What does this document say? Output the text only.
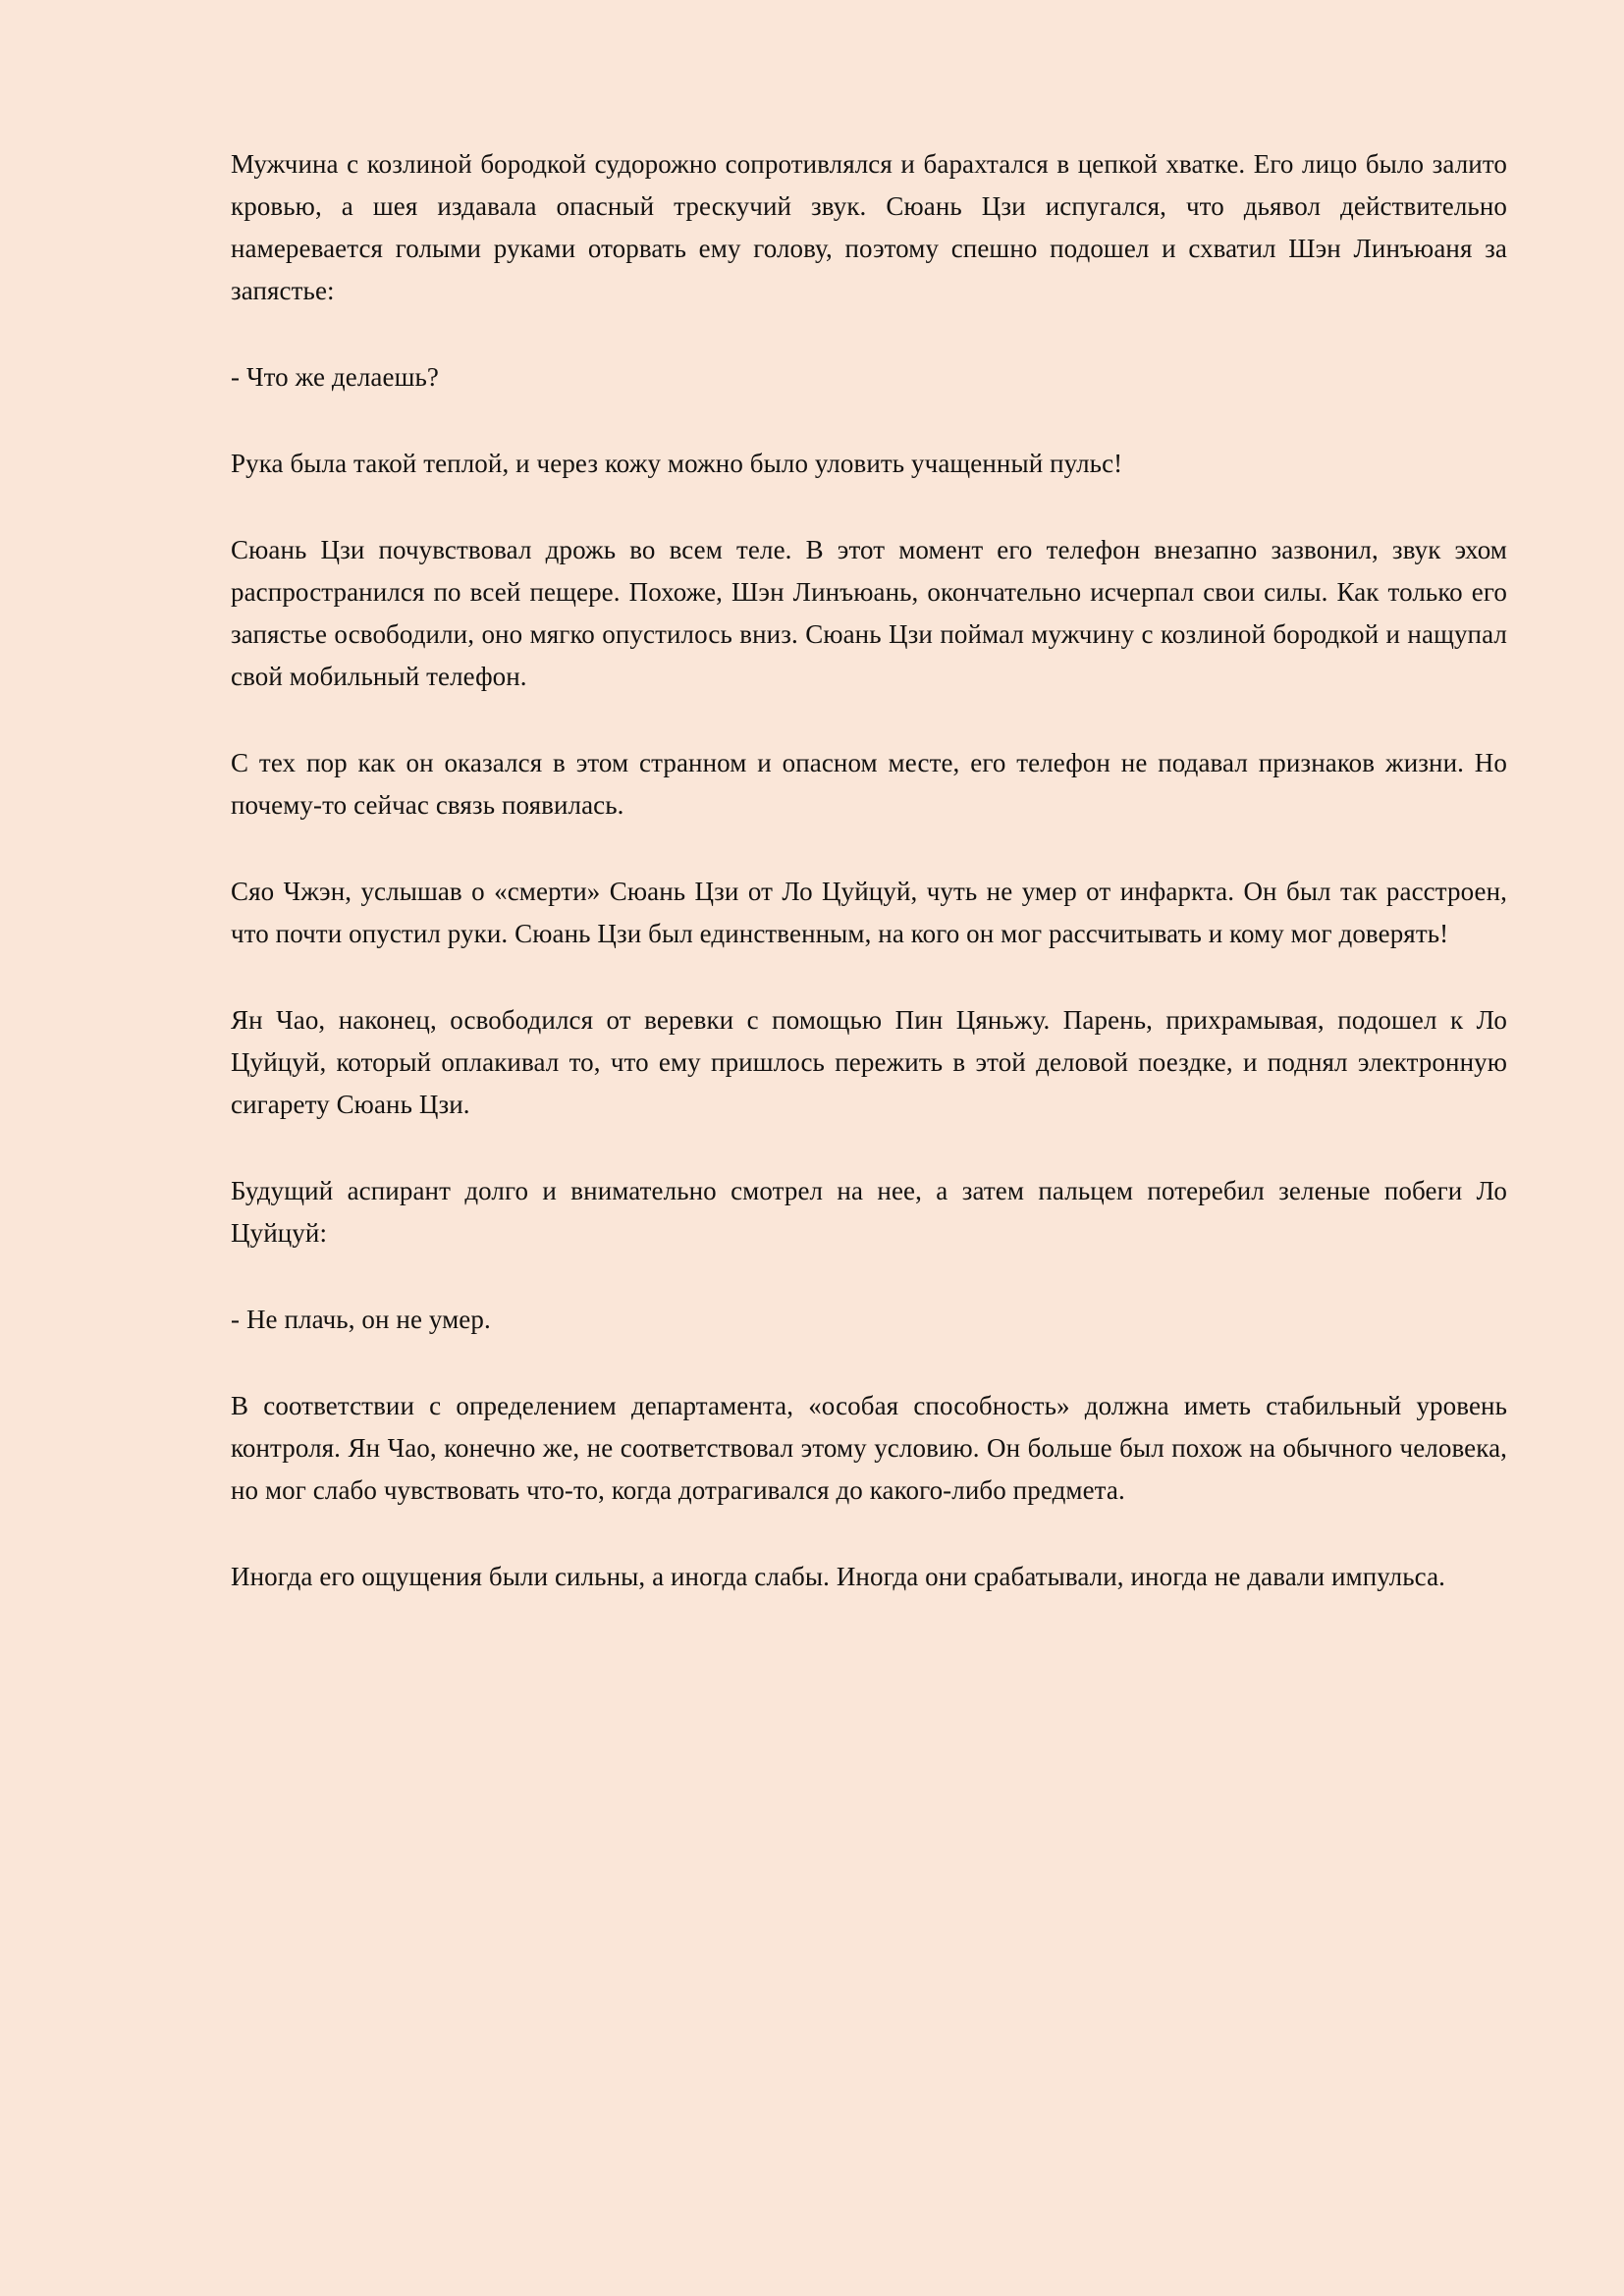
Мужчина с козлиной бородкой судорожно сопротивлялся и барахтался в цепкой хватке. Его лицо было залито кровью, а шея издавала опасный трескучий звук. Сюань Цзи испугался, что дьявол действительно намеревается голыми руками оторвать ему голову, поэтому спешно подошел и схватил Шэн Линъюаня за запястье:

- Что же делаешь?

Рука была такой теплой, и через кожу можно было уловить учащенный пульс!

Сюань Цзи почувствовал дрожь во всем теле. В этот момент его телефон внезапно зазвонил, звук эхом распространился по всей пещере. Похоже, Шэн Линъюань, окончательно исчерпал свои силы. Как только его запястье освободили, оно мягко опустилось вниз. Сюань Цзи поймал мужчину с козлиной бородкой и нащупал свой мобильный телефон.

С тех пор как он оказался в этом странном и опасном месте, его телефон не подавал признаков жизни. Но почему-то сейчас связь появилась.

Сяо Чжэн, услышав о «смерти» Сюань Цзи от Ло Цуйцуй, чуть не умер от инфаркта. Он был так расстроен, что почти опустил руки. Сюань Цзи был единственным, на кого он мог рассчитывать и кому мог доверять!

Ян Чао, наконец, освободился от веревки с помощью Пин Цяньжу. Парень, прихрамывая, подошел к Ло Цуйцуй, который оплакивал то, что ему пришлось пережить в этой деловой поездке, и поднял электронную сигарету Сюань Цзи.

Будущий аспирант долго и внимательно смотрел на нее, а затем пальцем потеребил зеленые побеги Ло Цуйцуй:

- Не плачь, он не умер.

В соответствии с определением департамента, «особая способность» должна иметь стабильный уровень контроля. Ян Чао, конечно же, не соответствовал этому условию. Он больше был похож на обычного человека, но мог слабо чувствовать что-то, когда дотрагивался до какого-либо предмета.

Иногда его ощущения были сильны, а иногда слабы. Иногда они срабатывали, иногда не давали импульса.
